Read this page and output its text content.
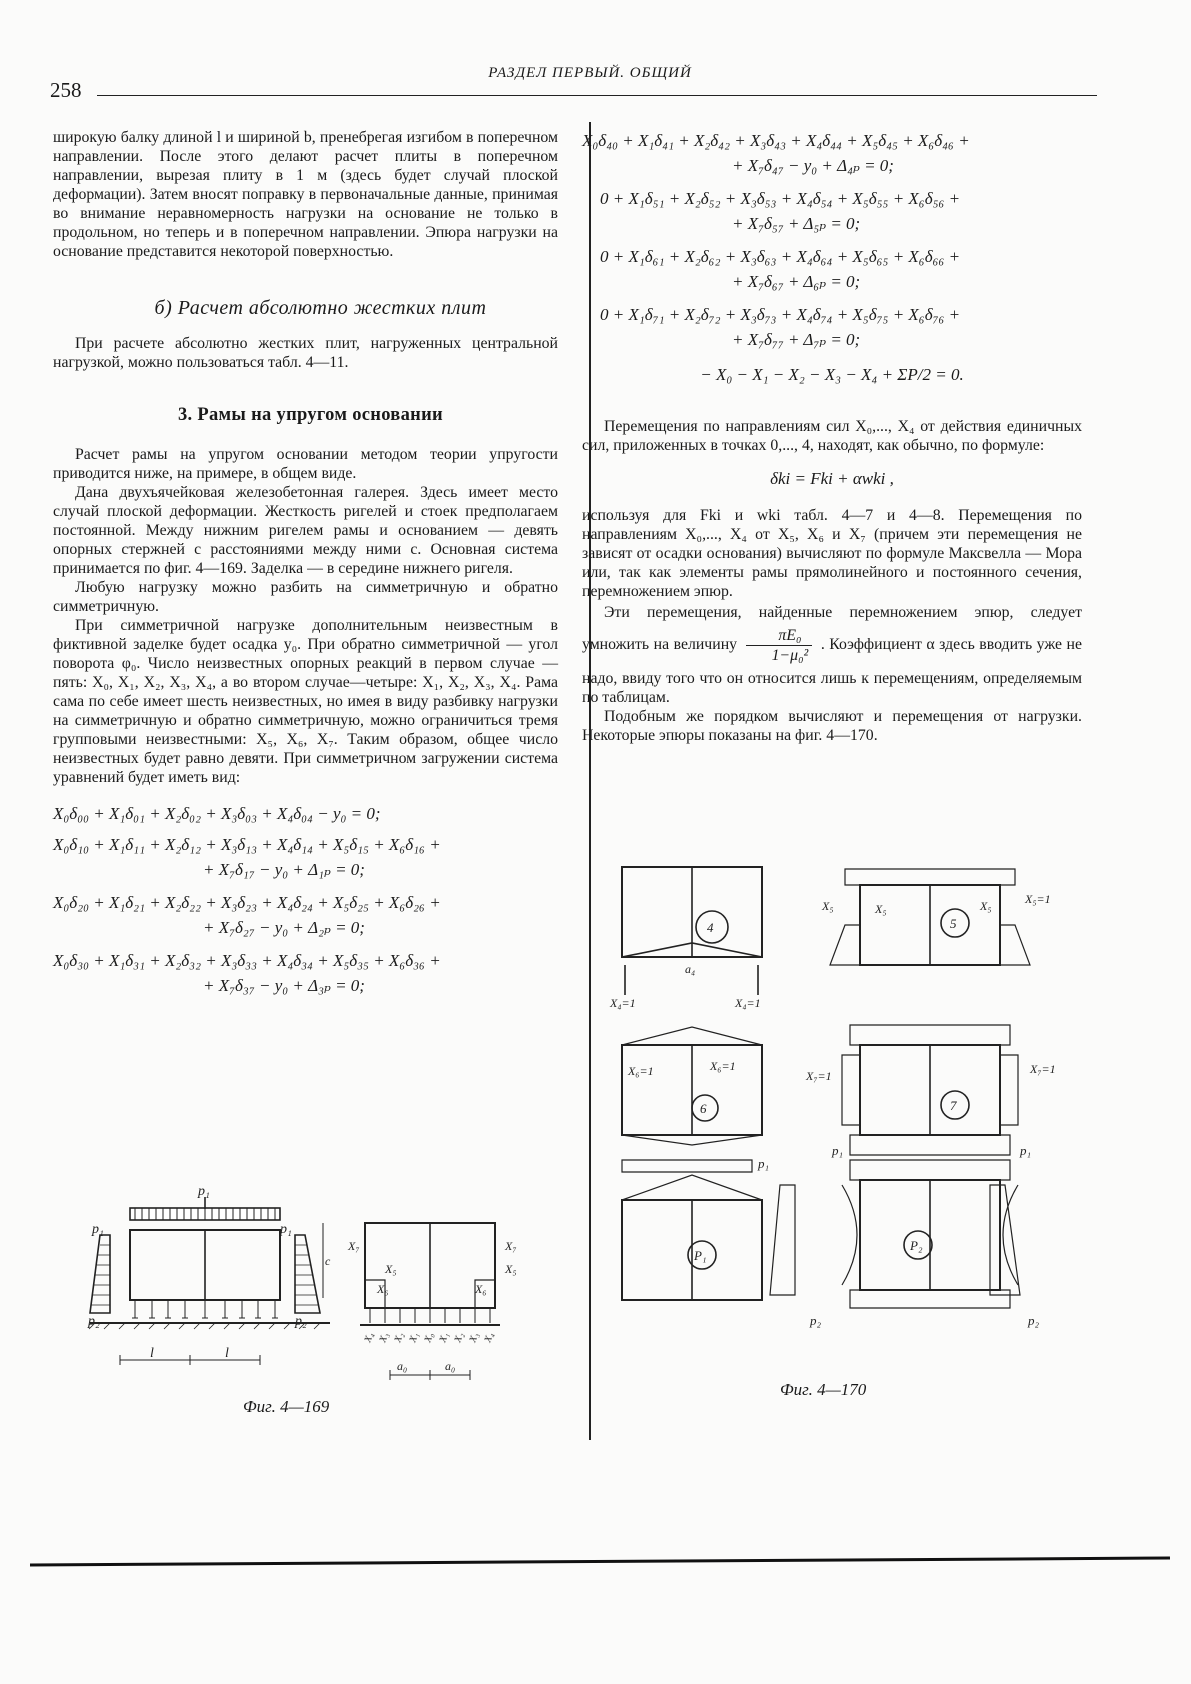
258
РАЗДЕЛ ПЕРВЫЙ. ОБЩИЙ

широкую балку длиной l и шириной b, пренебрегая изгибом в поперечном направлении. После этого делают расчет плиты в поперечном направлении, вырезая плиту в 1 м (здесь будет случай плоской деформации). Затем вносят поправку в первоначальные данные, принимая во внимание неравномерность нагрузки на основание не только в продольном, но теперь и в поперечном направлении. Эпюра нагрузки на основание представится некоторой поверхностью.

б) Расчет абсолютно жестких плит

При расчете абсолютно жестких плит, нагруженных центральной нагрузкой, можно пользоваться табл. 4—11.

3. Рамы на упругом основании

Расчет рамы на упругом основании методом теории упругости приводится ниже, на примере, в общем виде.

Дана двухъячейковая железобетонная галерея. Здесь имеет место случай плоской деформации. Жесткость ригелей и стоек предполагаем постоянной. Между нижним ригелем рамы и основанием — девять опорных стержней с расстояниями между ними c. Основная система принимается по фиг. 4—169. Заделка — в середине нижнего ригеля.

Любую нагрузку можно разбить на симметричную и обратно симметричную.

При симметричной нагрузке дополнительным неизвестным в фиктивной заделке будет осадка y₀. При обратно симметричной — угол поворота φ₀. Число неизвестных опорных реакций в первом случае — пять: X₀, X₁, X₂, X₃, X₄, а во втором случае—четыре: X₁, X₂, X₃, X₄. Рама сама по себе имеет шесть неизвестных, но имея в виду разбивку нагрузки на симметричную и обратно симметричную, можно ограничиться тремя групповыми неизвестными: X₅, X₆, X₇. Таким образом, общее число неизвестных будет равно девяти. При симметричном загружении система уравнений будет иметь вид:

X₀δ₀₀ + X₁δ₀₁ + X₂δ₀₂ + X₃δ₀₃ + X₄δ₀₄ − y₀ = 0;
X₀δ₁₀ + X₁δ₁₁ + X₂δ₁₂ + X₃δ₁₃ + X₄δ₁₄ + X₅δ₁₅ + X₆δ₁₆ +
+ X₇δ₁₇ − y₀ + Δ₁ₚ = 0;
X₀δ₂₀ + X₁δ₂₁ + X₂δ₂₂ + X₃δ₂₃ + X₄δ₂₄ + X₅δ₂₅ + X₆δ₂₆ +
+ X₇δ₂₇ − y₀ + Δ₂ₚ = 0;
X₀δ₃₀ + X₁δ₃₁ + X₂δ₃₂ + X₃δ₃₃ + X₄δ₃₄ + X₅δ₃₅ + X₆δ₃₆ +
+ X₇δ₃₇ − y₀ + Δ₃ₚ = 0;
X₀δ₄₀ + X₁δ₄₁ + X₂δ₄₂ + X₃δ₄₃ + X₄δ₄₄ + X₅δ₄₅ + X₆δ₄₆ +
+ X₇δ₄₇ − y₀ + Δ₄ₚ = 0;
0 + X₁δ₅₁ + X₂δ₅₂ + X₃δ₅₃ + X₄δ₅₄ + X₅δ₅₅ + X₆δ₅₆ +
+ X₇δ₅₇ + Δ₅ₚ = 0;
0 + X₁δ₆₁ + X₂δ₆₂ + X₃δ₆₃ + X₄δ₆₄ + X₅δ₆₅ + X₆δ₆₆ +
+ X₇δ₆₇ + Δ₆ₚ = 0;
0 + X₁δ₇₁ + X₂δ₇₂ + X₃δ₇₃ + X₄δ₇₄ + X₅δ₇₅ + X₆δ₇₆ +
+ X₇δ₇₇ + Δ₇ₚ = 0;
− X₀ − X₁ − X₂ − X₃ − X₄ + ΣP/2 = 0.

Перемещения по направлениям сил X₀,..., X₄ от действия единичных сил, приложенных в точках 0,..., 4, находят, как обычно, по формуле:

δki = Fki + αwki ,

используя для Fki и wki табл. 4—7 и 4—8. Перемещения по направлениям X₀,..., X₄ от X₅, X₆ и X₇ (причем эти перемещения не зависят от осадки основания) вычисляют по формуле Максвелла — Мора или, так как элементы рамы прямолинейного и постоянного сечения, перемножением эпюр.

Эти перемещения, найденные перемножением эпюр, следует умножить на величину $\frac{\text{πE₀}}{\text{1−μ₀²}}$ . Коэффициент α здесь вводить уже не надо, ввиду того что он относится лишь к перемещениям, определяемым по таблицам.

Подобным же порядком вычисляют и перемещения от нагрузки. Некоторые эпюры показаны на фиг. 4—170.

p₁
p₁	p₁
p₂	p₂
l	l
c
X₇
X₅
X₆
X₇
X₅
X₆
a₀	a₀
X₄ X₃ X₂ X₁ X₀ X₁ X₂ X₃ X₄
Фиг. 4—169
4	5
6	7
P₁
P₂
X₄=1	X₄=1
a₄
X₅	X₅	X₅	X₅=1
X₆=1	X₆=1
X₇=1	X₇=1
p₁
p₁	p₁
p₂	p₂
Фиг. 4—170
